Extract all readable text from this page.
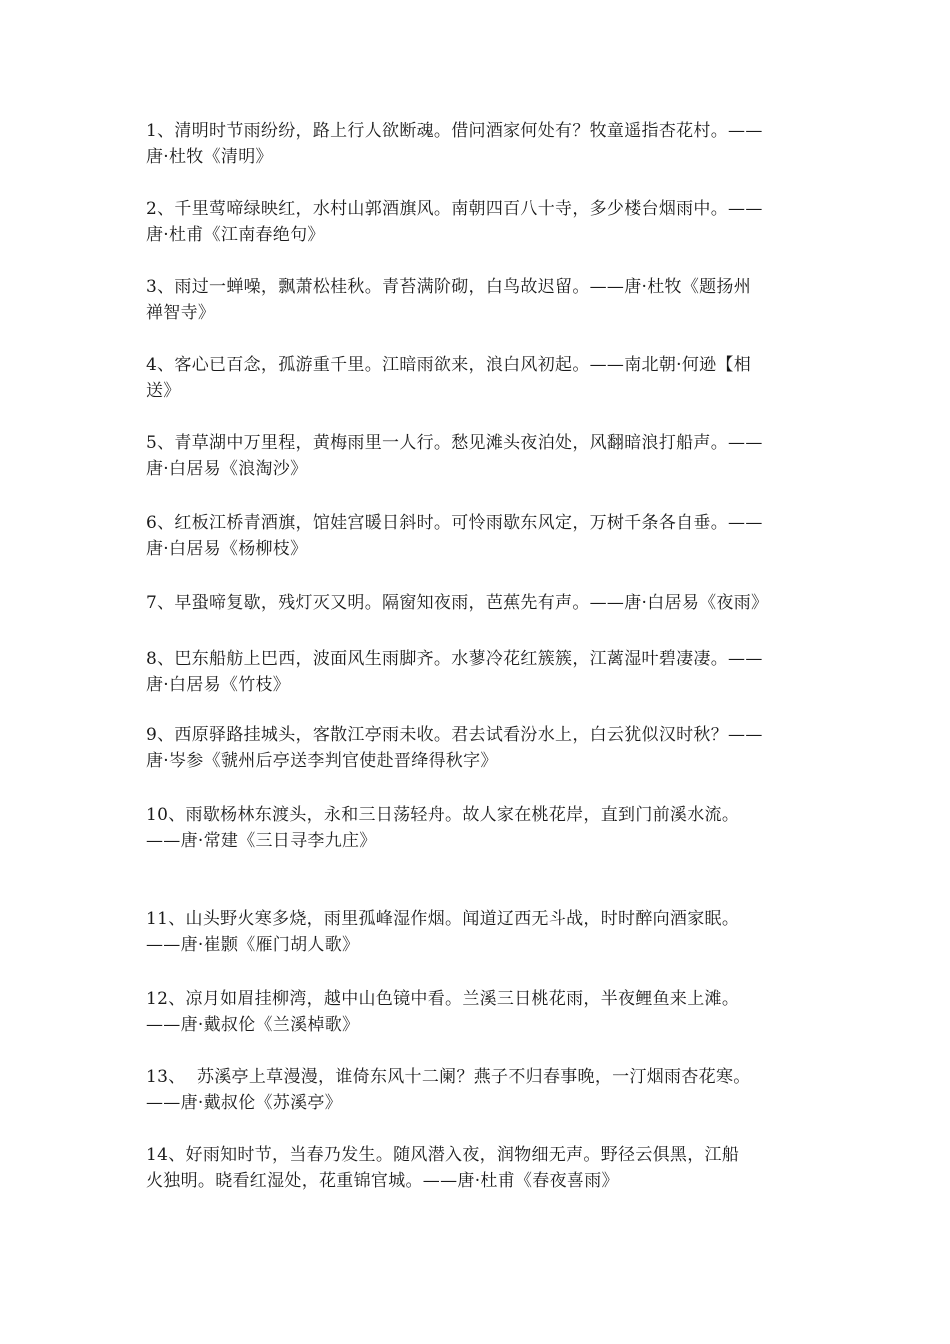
1、清明时节雨纷纷，路上行人欲断魂。借问酒家何处有？牧童遥指杏花村。——
唐·杜牧《清明》
2、千里莺啼绿映红，水村山郭酒旗风。南朝四百八十寺，多少楼台烟雨中。——
唐·杜甫《江南春绝句》
3、雨过一蝉噪，飘萧松桂秋。青苔满阶砌，白鸟故迟留。——唐·杜牧《题扬州
禅智寺》
4、客心已百念，孤游重千里。江暗雨欲来，浪白风初起。——南北朝·何逊【相
送》
5、青草湖中万里程，黄梅雨里一人行。愁见滩头夜泊处，风翻暗浪打船声。——
唐·白居易《浪淘沙》
6、红板江桥青酒旗，馆娃宫暖日斜时。可怜雨歇东风定，万树千条各自垂。——
唐·白居易《杨柳枝》
7、早蛩啼复歇，残灯灭又明。隔窗知夜雨，芭蕉先有声。——唐·白居易《夜雨》
8、巴东船舫上巴西，波面风生雨脚齐。水蓼冷花红簇簇，江蓠湿叶碧凄凄。——
唐·白居易《竹枝》
9、西原驿路挂城头，客散江亭雨未收。君去试看汾水上，白云犹似汉时秋？——
唐·岑参《虢州后亭送李判官使赴晋绛得秋字》
10、雨歇杨林东渡头，永和三日荡轻舟。故人家在桃花岸，直到门前溪水流。
——唐·常建《三日寻李九庄》
11、山头野火寒多烧，雨里孤峰湿作烟。闻道辽西无斗战，时时醉向酒家眠。
——唐·崔颢《雁门胡人歌》
12、凉月如眉挂柳湾，越中山色镜中看。兰溪三日桃花雨，半夜鲤鱼来上滩。
——唐·戴叔伦《兰溪棹歌》
13、  苏溪亭上草漫漫，谁倚东风十二阑？燕子不归春事晚，一汀烟雨杏花寒。
——唐·戴叔伦《苏溪亭》
14、好雨知时节，当春乃发生。随风潜入夜，润物细无声。野径云俱黑，江船
火独明。晓看红湿处，花重锦官城。——唐·杜甫《春夜喜雨》
